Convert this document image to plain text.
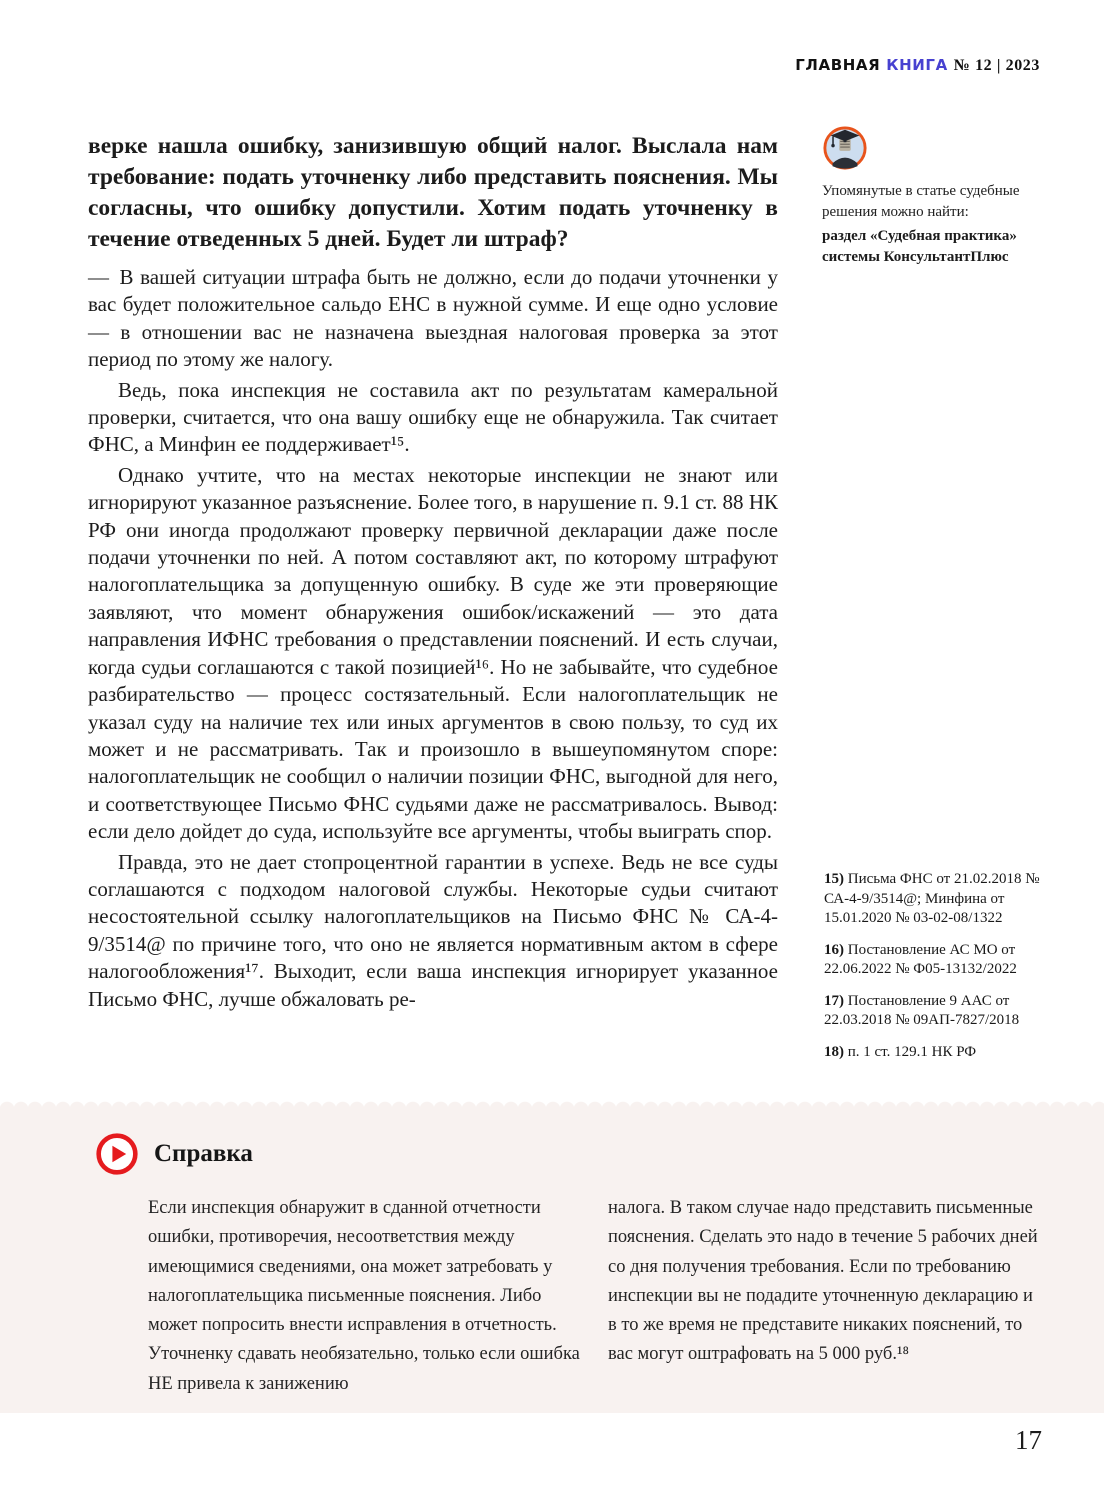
ГЛАВНАЯ КНИГА № 12 | 2023

верке нашла ошибку, занизившую общий налог. Выслала нам требование: подать уточненку либо представить пояснения. Мы согласны, что ошибку допустили. Хотим подать уточненку в течение отведенных 5 дней. Будет ли штраф?

— В вашей ситуации штрафа быть не должно, если до подачи уточненки у вас будет положительное сальдо ЕНС в нужной сумме. И еще одно условие — в отношении вас не назначена выездная налоговая проверка за этот период по этому же налогу.

Ведь, пока инспекция не составила акт по результатам камеральной проверки, считается, что она вашу ошибку еще не обнаружила. Так считает ФНС, а Минфин ее поддерживает¹⁵.

Однако учтите, что на местах некоторые инспекции не знают или игнорируют указанное разъяснение. Более того, в нарушение п. 9.1 ст. 88 НК РФ они иногда продолжают проверку первичной декларации даже после подачи уточненки по ней. А потом составляют акт, по которому штрафуют налогоплательщика за допущенную ошибку. В суде же эти проверяющие заявляют, что момент обнаружения ошибок/искажений — это дата направления ИФНС требования о представлении пояснений. И есть случаи, когда судьи соглашаются с такой позицией¹⁶. Но не забывайте, что судебное разбирательство — процесс состязательный. Если налогоплательщик не указал суду на наличие тех или иных аргументов в свою пользу, то суд их может и не рассматривать. Так и произошло в вышеупомянутом споре: налогоплательщик не сообщил о наличии позиции ФНС, выгодной для него, и соответствующее Письмо ФНС судьями даже не рассматривалось. Вывод: если дело дойдет до суда, используйте все аргументы, чтобы выиграть спор.

Правда, это не дает стопроцентной гарантии в успехе. Ведь не все суды соглашаются с подходом налоговой службы. Некоторые судьи считают несостоятельной ссылку налогоплательщиков на Письмо ФНС № СА-4-9/3514@ по причине того, что оно не является нормативным актом в сфере налогообложения¹⁷. Выходит, если ваша инспекция игнорирует указанное Письмо ФНС, лучше обжаловать ре-

Упомянутые в статье судебные решения можно найти:
раздел «Судебная практика» системы КонсультантПлюс
15) Письма ФНС от 21.02.2018 № СА-4-9/3514@; Минфина от 15.01.2020 № 03-02-08/1322
16) Постановление АС МО от 22.06.2022 № Ф05-13132/2022
17) Постановление 9 ААС от 22.03.2018 № 09АП-7827/2018
18) п. 1 ст. 129.1 НК РФ
Справка
Если инспекция обнаружит в сданной отчетности ошибки, противоречия, несоответствия между имеющимися сведениями, она может затребовать у налогоплательщика письменные пояснения. Либо может попросить внести исправления в отчетность. Уточненку сдавать необязательно, только если ошибка НЕ привела к занижению
налога. В таком случае надо представить письменные пояснения. Сделать это надо в течение 5 рабочих дней со дня получения требования. Если по требованию инспекции вы не подадите уточненную декларацию и в то же время не представите никаких пояснений, то вас могут оштрафовать на 5 000 руб.¹⁸
17
